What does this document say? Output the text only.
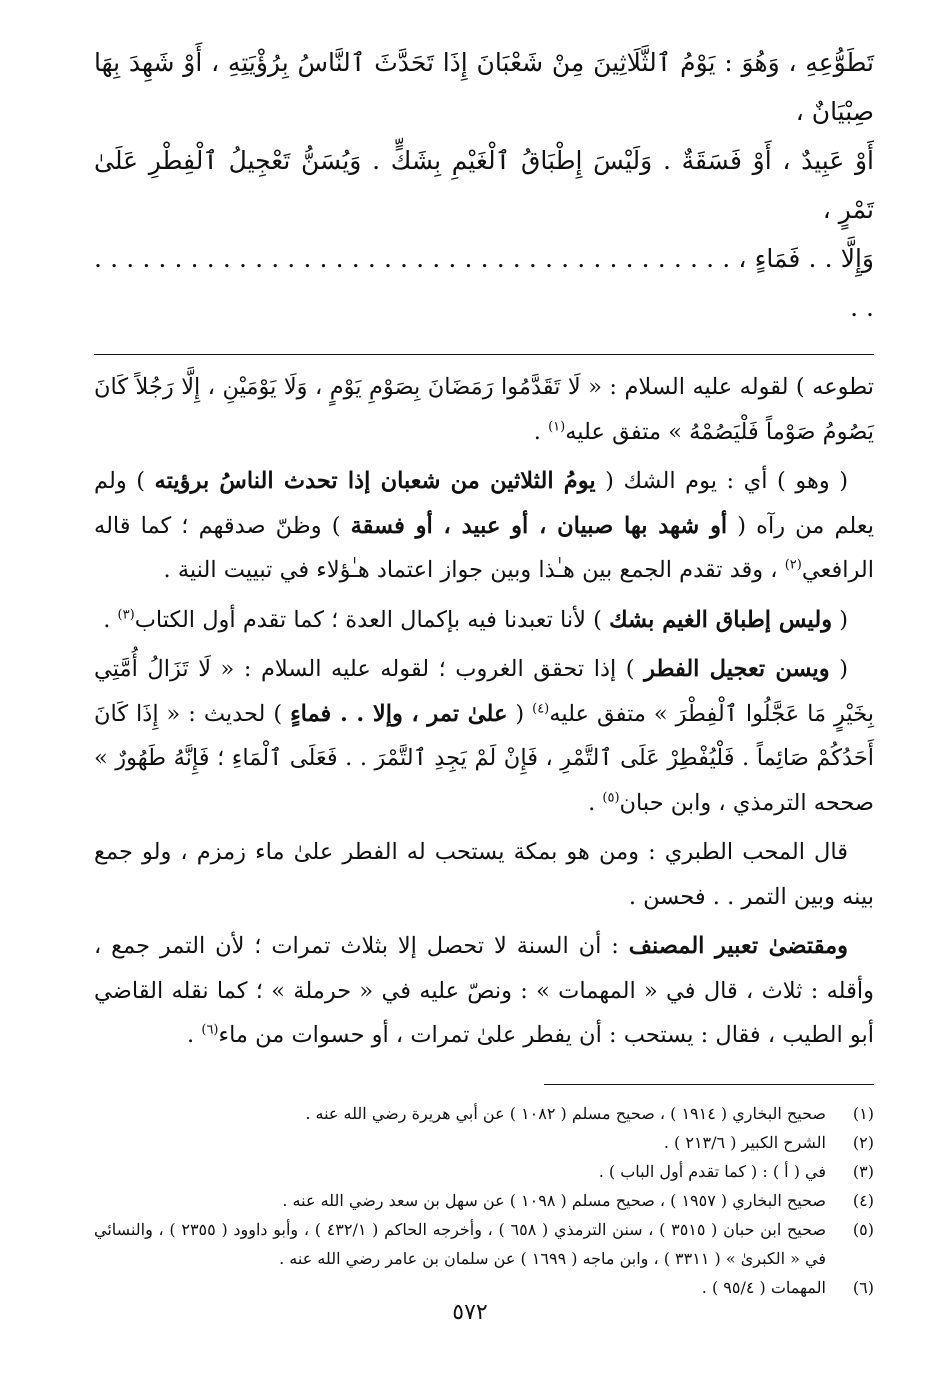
تَطَوُّعِهِ ، وَهُوَ : يَوْمُ ٱلثَّلَاثِينَ مِنْ شَعْبَانَ إِذَا تَحَدَّثَ ٱلنَّاسُ بِرُؤْيَتِهِ ، أَوْ شَهِدَ بِهَا صِبْيَانٌ ،

أَوْ عَبِيدٌ ، أَوْ فَسَقَةٌ . وَلَيْسَ إِطْبَاقُ ٱلْغَيْمِ بِشَكٍّ . وَيُسَنُّ تَعْجِيلُ ٱلْفِطْرِ عَلَىٰ تَمْرٍ ،

وَإِلَّا . . فَمَاءٍ ، . . . . . . . . . . . . . . . . . . . . . . . . . . . . . . . . . . . . . . . . . .

تطوعه ) لقوله عليه السلام : « لَا تَقَدَّمُوا رَمَضَانَ بِصَوْمِ يَوْمٍ ، وَلَا يَوْمَيْنِ ، إِلَّا رَجُلاً كَانَ يَصُومُ صَوْماً فَلْيَصُمْهُ » متفق عليه$^{(١)}$ .

( وهو ) أي : يوم الشك ( يومُ الثلاثين من شعبان إذا تحدث الناسُ برؤيته ) ولم يعلم من رآه ( أو شهد بها صبيان ، أو عبيد ، أو فسقة ) وظنّ صدقهم ؛ كما قاله الرافعي$^{(٢)}$ ، وقد تقدم الجمع بين هـٰذا وبين جواز اعتماد هـٰؤلاء في تبييت النية .

( وليس إطباق الغيم بشك ) لأنا تعبدنا فيه بإكمال العدة ؛ كما تقدم أول الكتاب$^{(٣)}$ .

( ويسن تعجيل الفطر ) إذا تحقق الغروب ؛ لقوله عليه السلام : « لَا تَزَالُ أُمَّتِي بِخَيْرٍ مَا عَجَّلُوا ٱلْفِطْرَ » متفق عليه$^{(٤)}$ ( علىٰ تمر ، وإلا . . فماءٍ ) لحديث : « إِذَا كَانَ أَحَدُكُمْ صَائِماً . فَلْيُفْطِرْ عَلَى ٱلتَّمْرِ ، فَإِنْ لَمْ يَجِدِ ٱلتَّمْرَ . . فَعَلَى ٱلْمَاءِ ؛ فَإِنَّهُ طَهُورٌ » صححه الترمذي ، وابن حبان$^{(٥)}$ .

قال المحب الطبري : ومن هو بمكة يستحب له الفطر علىٰ ماء زمزم ، ولو جمع بينه وبين التمر . . فحسن .

ومقتضىٰ تعبير المصنف : أن السنة لا تحصل إلا بثلاث تمرات ؛ لأن التمر جمع ، وأقله : ثلاث ، قال في « المهمات » : ونصّ عليه في « حرملة » ؛ كما نقله القاضي أبو الطيب ، فقال : يستحب : أن يفطر علىٰ تمرات ، أو حسوات من ماء$^{(٦)}$ .

(١)
صحيح البخاري ( ١٩١٤ ) ، صحيح مسلم ( ١٠٨٢ ) عن أبي هريرة رضي الله عنه .
(٢)
الشرح الكبير ( ٢١٣/٦ ) .
(٣)
في ( أ ) : ( كما تقدم أول الباب ) .
(٤)
صحيح البخاري ( ١٩٥٧ ) ، صحيح مسلم ( ١٠٩٨ ) عن سهل بن سعد رضي الله عنه .
(٥)
صحيح ابن حبان ( ٣٥١٥ ) ، سنن الترمذي ( ٦٥٨ ) ، وأخرجه الحاكم ( ٤٣٢/١ ) ، وأبو داوود ( ٢٣٥٥ ) ، والنسائي في « الكبرىٰ » ( ٣٣١١ ) ، وابن ماجه ( ١٦٩٩ ) عن سلمان بن عامر رضي الله عنه .
(٦)
المهمات ( ٩٥/٤ ) .
٥٧٢
